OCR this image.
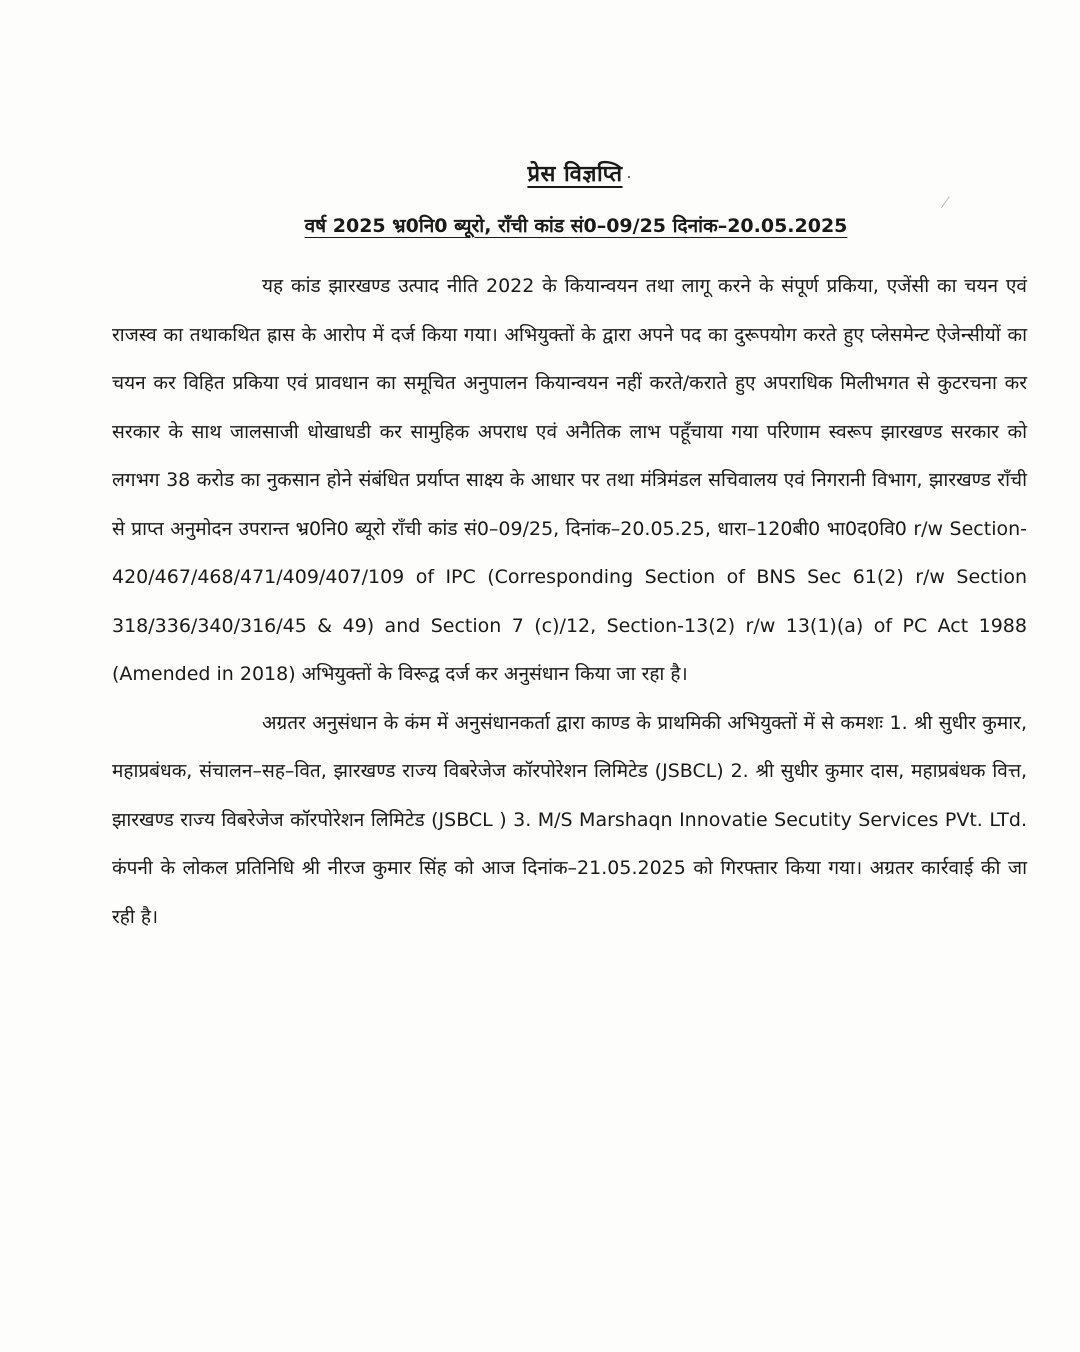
प्रेस विज्ञप्ति
वर्ष 2025 भ्र0नि0 ब्यूरो, राँची कांड सं0–09/25 दिनांक–20.05.2025

यह कांड झारखण्ड उत्पाद नीति 2022 के कियान्वयन तथा लागू करने के संपूर्ण प्रकिया, एजेंसी का चयन एवं राजस्व का तथाकथित ह्रास के आरोप में दर्ज किया गया। अभियुक्तों के द्वारा अपने पद का दुरूपयोग करते हुए प्लेसमेन्ट ऐजेन्सीयों का चयन कर विहित प्रकिया एवं प्रावधान का समूचित अनुपालन कियान्वयन नहीं करते/कराते हुए अपराधिक मिलीभगत से कुटरचना कर सरकार के साथ जालसाजी धोखाधडी कर सामुहिक अपराध एवं अनैतिक लाभ पहूँचाया गया परिणाम स्वरूप झारखण्ड सरकार को लगभग 38 करोड का नुकसान होने संबंधित प्रर्याप्त साक्ष्य के आधार पर तथा मंत्रिमंडल सचिवालय एवं निगरानी विभाग, झारखण्ड राँची से प्राप्त अनुमोदन उपरान्त भ्र0नि0 ब्यूरो राँची कांड सं0–09/25, दिनांक–20.05.25, धारा–120बी0 भा0द0वि0 r/w Section-420/467/468/471/409/407/109 of IPC (Corresponding Section of BNS Sec 61(2) r/w Section 318/336/340/316/45 & 49) and Section 7 (c)/12, Section-13(2) r/w 13(1)(a) of PC Act 1988 (Amended in 2018) अभियुक्तों के विरूद्व दर्ज कर अनुसंधान किया जा रहा है।

अग्रतर अनुसंधान के कंम में अनुसंधानकर्ता द्वारा काण्ड के प्राथमिकी अभियुक्तों में से कमशः 1. श्री सुधीर कुमार, महाप्रबंधक, संचालन–सह–वित, झारखण्ड राज्य विबरेजेज कॉरपोरेशन लिमिटेड (JSBCL) 2. श्री सुधीर कुमार दास, महाप्रबंधक वित्त, झारखण्ड राज्य विबरेजेज कॉरपोरेशन लिमिटेड (JSBCL ) 3. M/S Marshaqn Innovatie Secutity Services PVt. LTd. कंपनी के लोकल प्रतिनिधि श्री नीरज कुमार सिंह को आज दिनांक–21.05.2025 को गिरफ्तार किया गया। अग्रतर कार्रवाई की जा रही है।
